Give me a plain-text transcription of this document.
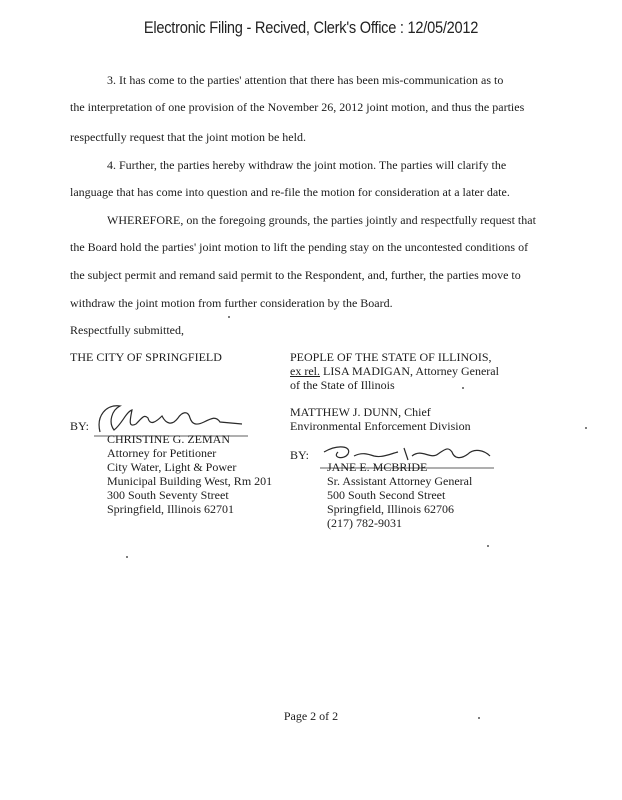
Electronic Filing - Recived, Clerk's Office : 12/05/2012
3. It has come to the parties' attention that there has been mis-communication as to
the interpretation of one provision of the November 26, 2012 joint motion, and thus the parties
respectfully request that the joint motion be held.
4. Further, the parties hereby withdraw the joint motion. The parties will clarify the
language that has come into question and re-file the motion for consideration at a later date.
WHEREFORE, on the foregoing grounds, the parties jointly and respectfully request that
the Board hold the parties' joint motion to lift the pending stay on the uncontested conditions of
the subject permit and remand said permit to the Respondent, and, further, the parties move to
withdraw the joint motion from further consideration by the Board.
Respectfully submitted,
THE CITY OF SPRINGFIELD
BY:
CHRISTINE G. ZEMAN
Attorney for Petitioner
City Water, Light & Power
Municipal Building West, Rm 201
300 South Seventy Street
Springfield, Illinois 62701
PEOPLE OF THE STATE OF ILLINOIS,
ex rel. LISA MADIGAN, Attorney General
of the State of Illinois
MATTHEW J. DUNN, Chief
Environmental Enforcement Division
BY:
JANE E. MCBRIDE
Sr. Assistant Attorney General
500 South Second Street
Springfield, Illinois 62706
(217) 782-9031
Page 2 of 2
